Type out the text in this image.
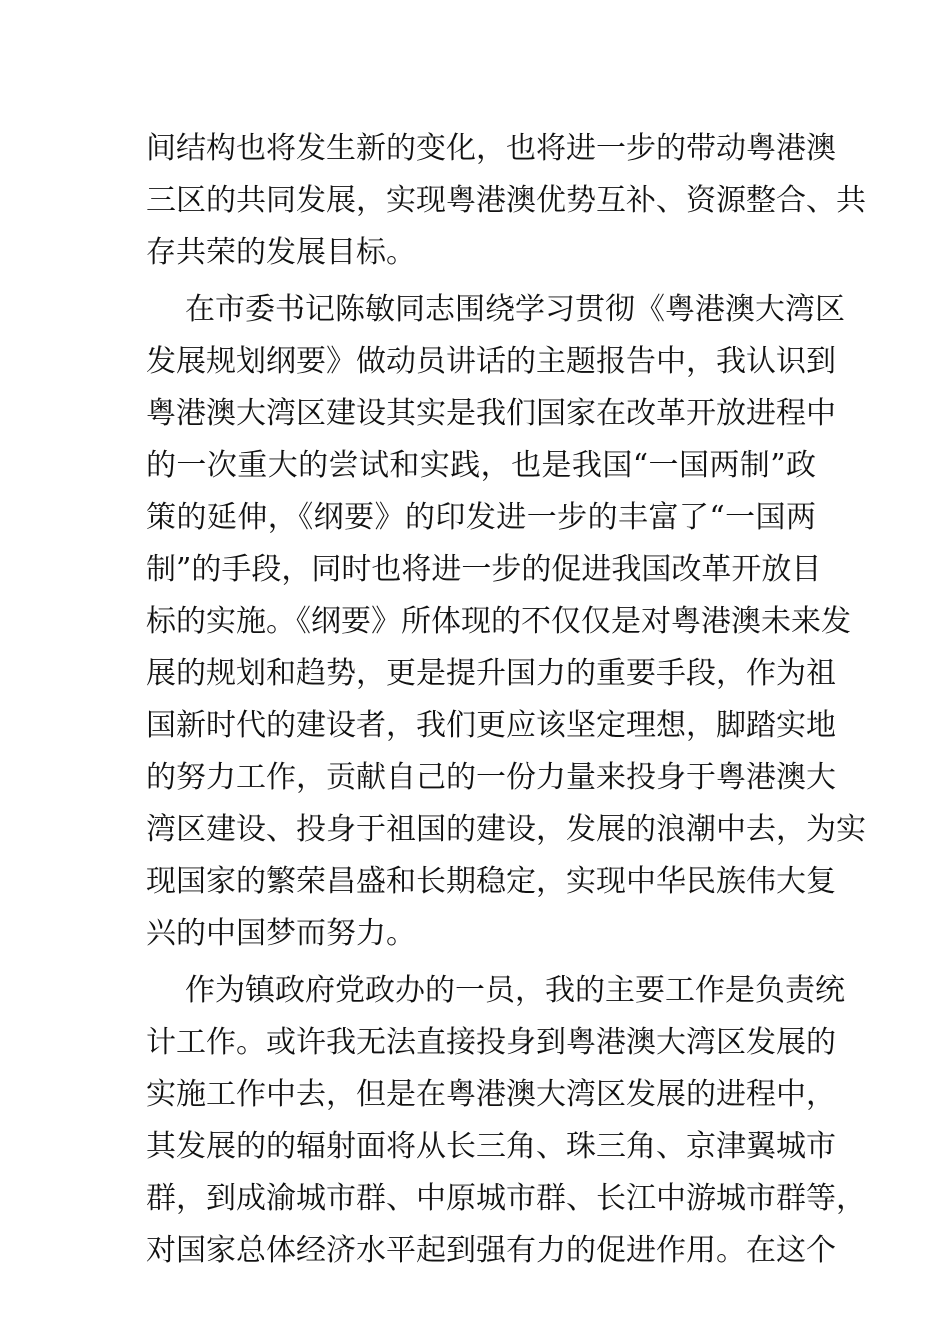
间结构也将发生新的变化，也将进一步的带动粤港澳
三区的共同发展，实现粤港澳优势互补、资源整合、共
存共荣的发展目标。
在市委书记陈敏同志围绕学习贯彻《粤港澳大湾区
发展规划纲要》做动员讲话的主题报告中，我认识到
粤港澳大湾区建设其实是我们国家在改革开放进程中
的一次重大的尝试和实践，也是我国“一国两制”政
策的延伸，《纲要》的印发进一步的丰富了“一国两
制”的手段，同时也将进一步的促进我国改革开放目
标的实施。《纲要》所体现的不仅仅是对粤港澳未来发
展的规划和趋势，更是提升国力的重要手段，作为祖
国新时代的建设者，我们更应该坚定理想，脚踏实地
的努力工作，贡献自己的一份力量来投身于粤港澳大
湾区建设、投身于祖国的建设，发展的浪潮中去，为实
现国家的繁荣昌盛和长期稳定，实现中华民族伟大复
兴的中国梦而努力。
作为镇政府党政办的一员，我的主要工作是负责统
计工作。或许我无法直接投身到粤港澳大湾区发展的
实施工作中去，但是在粤港澳大湾区发展的进程中，
其发展的的辐射面将从长三角、珠三角、京津翼城市
群，到成渝城市群、中原城市群、长江中游城市群等，
对国家总体经济水平起到强有力的促进作用。在这个
